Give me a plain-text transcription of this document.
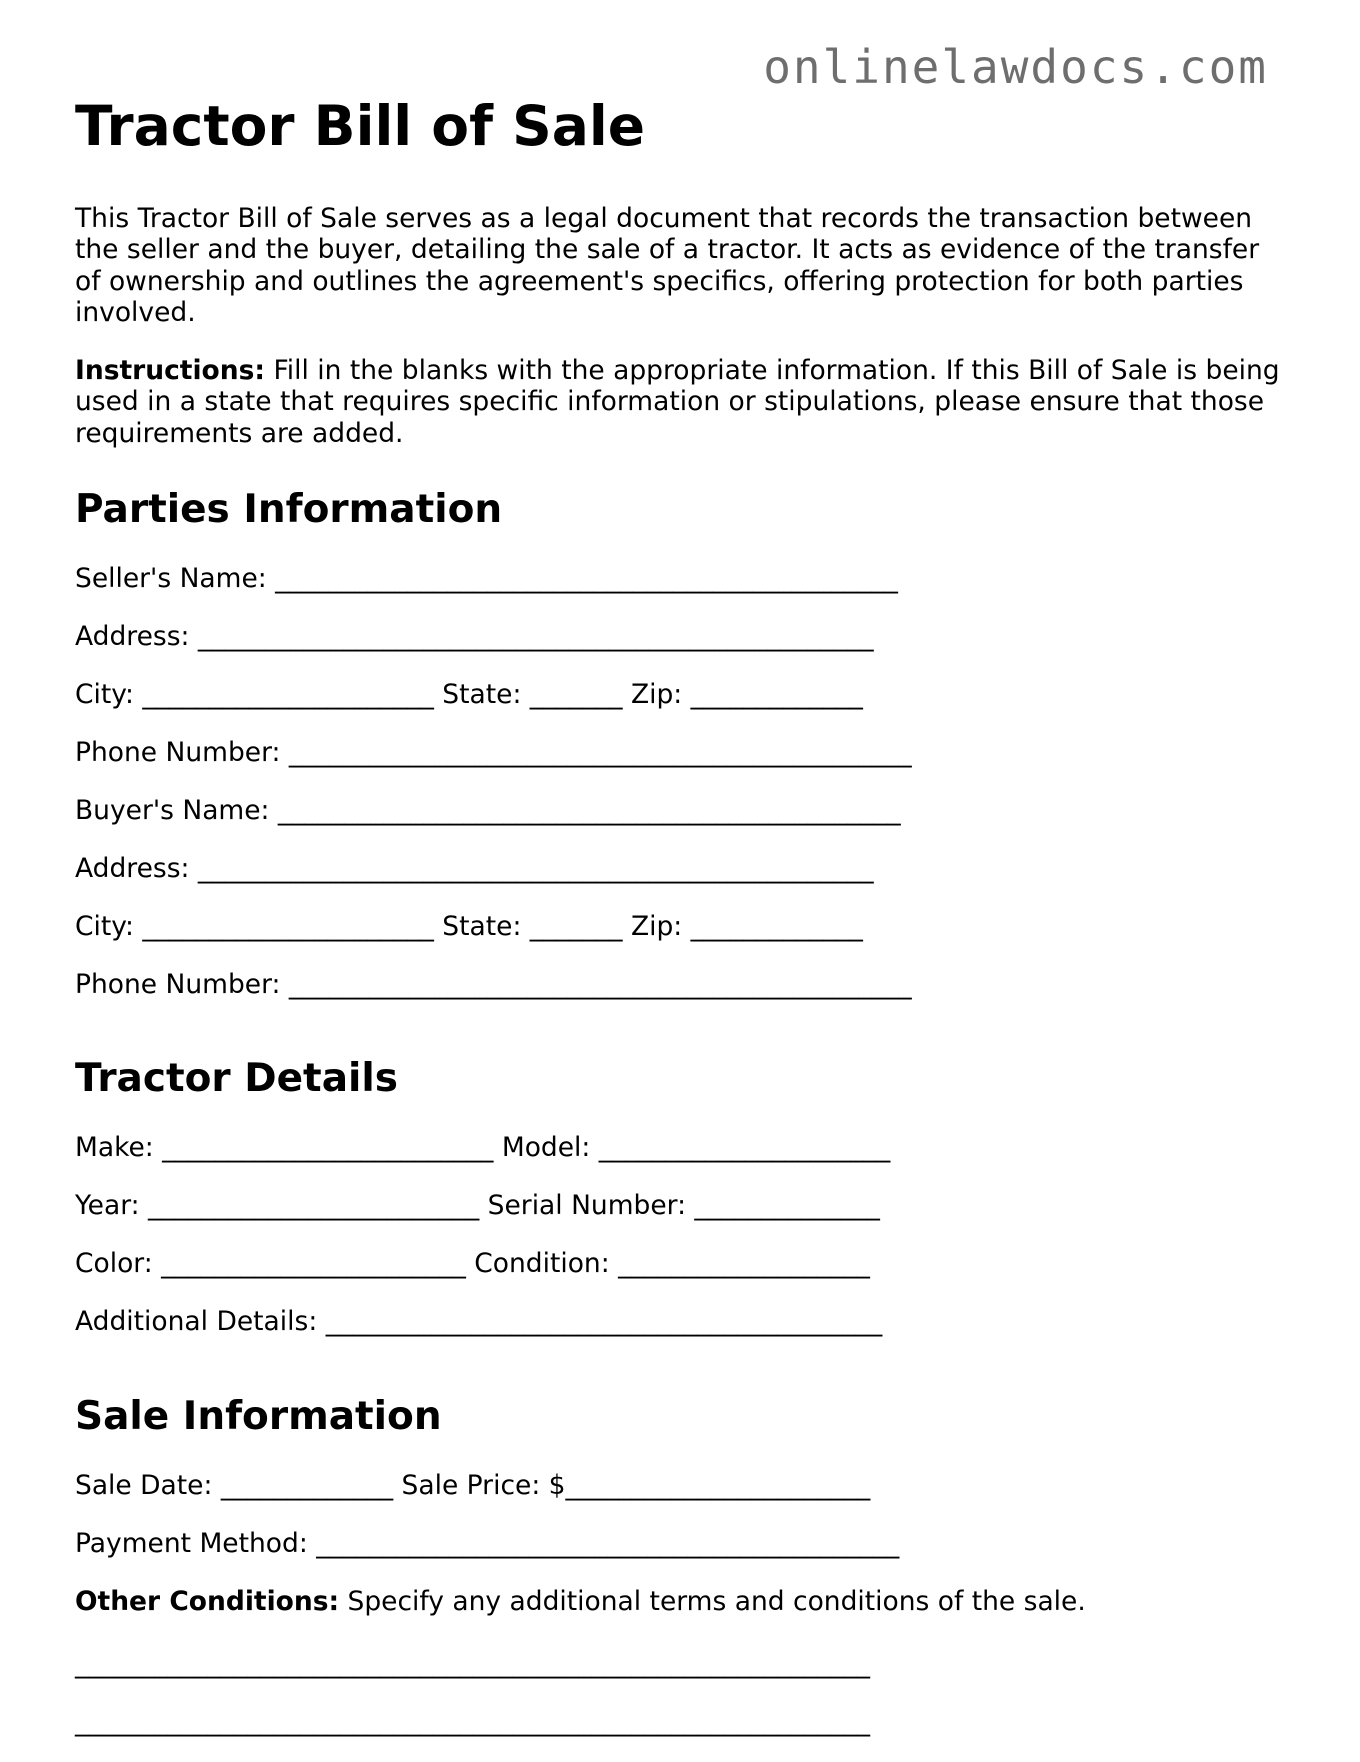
onlinelawdocs.com
Tractor Bill of Sale

This Tractor Bill of Sale serves as a legal document that records the transaction between the seller and the buyer, detailing the sale of a tractor. It acts as evidence of the transfer of ownership and outlines the agreement's specifics, offering protection for both parties involved.

Instructions: Fill in the blanks with the appropriate information. If this Bill of Sale is being used in a state that requires specific information or stipulations, please ensure that those requirements are added.

Parties Information
Seller's Name: _______________________________________________
Address: ___________________________________________________
City: ______________________ State: _______ Zip: _____________
Phone Number: _______________________________________________
Buyer's Name: _______________________________________________
Address: ___________________________________________________
City: ______________________ State: _______ Zip: _____________
Phone Number: _______________________________________________
Tractor Details
Make: _________________________ Model: ______________________
Year: _________________________ Serial Number: ______________
Color: _______________________ Condition: ___________________
Additional Details: __________________________________________
Sale Information
Sale Date: _____________ Sale Price: $_______________________
Payment Method: ____________________________________________
Other Conditions: Specify any additional terms and conditions of the sale.
____________________________________________________________
____________________________________________________________
